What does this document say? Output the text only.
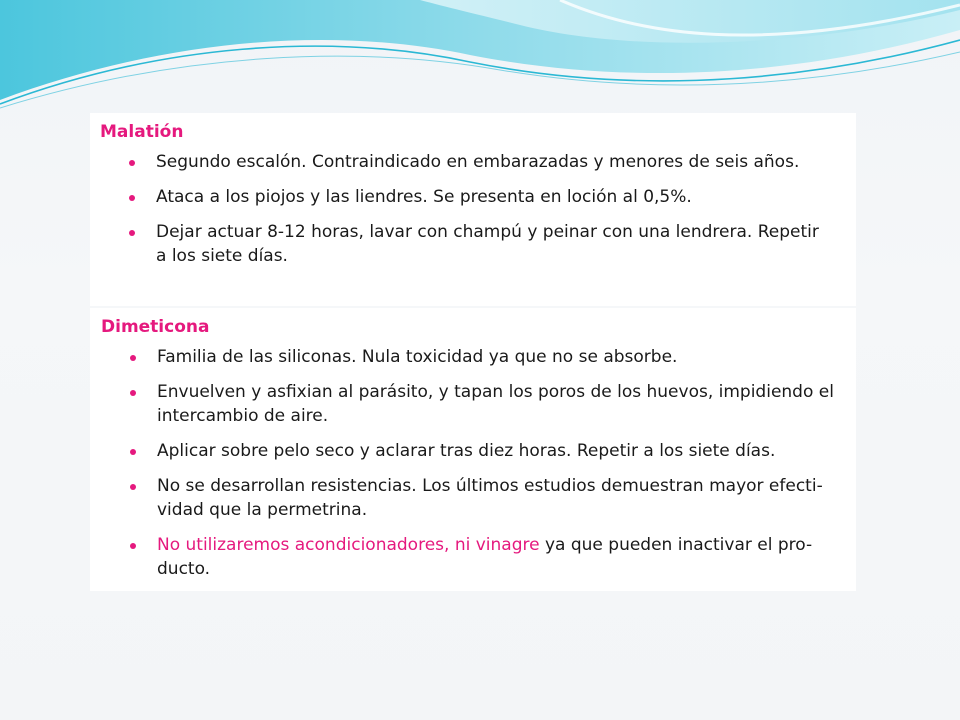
Malatión
Segundo escalón. Contraindicado en embarazadas y menores de seis años.
Ataca a los piojos y las liendres. Se presenta en loción al 0,5%.
Dejar actuar 8-12 horas, lavar con champú y peinar con una lendrera. Repetir a los siete días.
Dimeticona
Familia de las siliconas. Nula toxicidad ya que no se absorbe.
Envuelven y asfixian al parásito, y tapan los poros de los huevos, impidiendo el intercambio de aire.
Aplicar sobre pelo seco y aclarar tras diez horas. Repetir a los siete días.
No se desarrollan resistencias. Los últimos estudios demuestran mayor efecti-vidad que la permetrina.
No utilizaremos acondicionadores, ni vinagre ya que pueden inactivar el pro-ducto.
